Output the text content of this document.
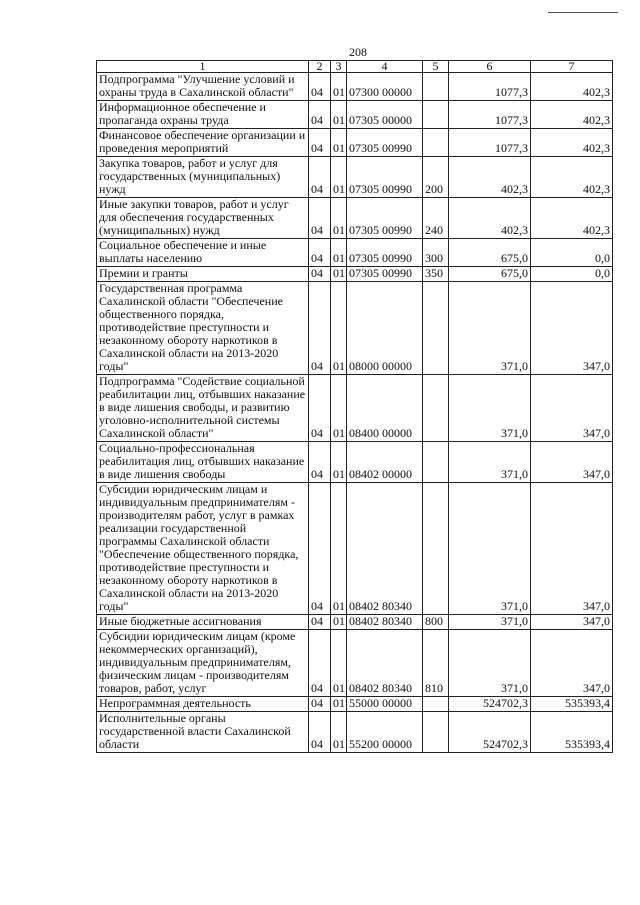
208
1	2	3	4	5	6	7
Подпрограмма "Улучшение условий и охраны труда в Сахалинской области"	04	01	07300 00000		1077,3	402,3
Информационное обеспечение и пропаганда охраны труда	04	01	07305 00000		1077,3	402,3
Финансовое обеспечение организации и проведения мероприятий	04	01	07305 00990		1077,3	402,3
Закупка товаров, работ и услуг для государственных (муниципальных) нужд	04	01	07305 00990	200	402,3	402,3
Иные закупки товаров, работ и услуг для обеспечения государственных (муниципальных) нужд	04	01	07305 00990	240	402,3	402,3
Социальное обеспечение и иные выплаты населению	04	01	07305 00990	300	675,0	0,0
Премии и гранты	04	01	07305 00990	350	675,0	0,0
Государственная программа Сахалинской области "Обеспечение общественного порядка, противодействие преступности и незаконному обороту наркотиков в Сахалинской области на 2013-2020 годы"	04	01	08000 00000		371,0	347,0
Подпрограмма "Содействие социальной реабилитации лиц, отбывших наказание в виде лишения свободы, и развитию уголовно-исполнительной системы Сахалинской области"	04	01	08400 00000		371,0	347,0
Социально-профессиональная реабилитация лиц, отбывших наказание в виде лишения свободы	04	01	08402 00000		371,0	347,0
Субсидии юридическим лицам и индивидуальным предпринимателям - производителям работ, услуг в рамках реализации государственной программы Сахалинской области "Обеспечение общественного порядка, противодействие преступности и незаконному обороту наркотиков в Сахалинской области на 2013-2020 годы"	04	01	08402 80340		371,0	347,0
Иные бюджетные ассигнования	04	01	08402 80340	800	371,0	347,0
Субсидии юридическим лицам (кроме некоммерческих организаций), индивидуальным предпринимателям, физическим лицам - производителям товаров, работ, услуг	04	01	08402 80340	810	371,0	347,0
Непрограммная деятельность	04	01	55000 00000		524702,3	535393,4
Исполнительные органы государственной власти Сахалинской области	04	01	55200 00000		524702,3	535393,4
